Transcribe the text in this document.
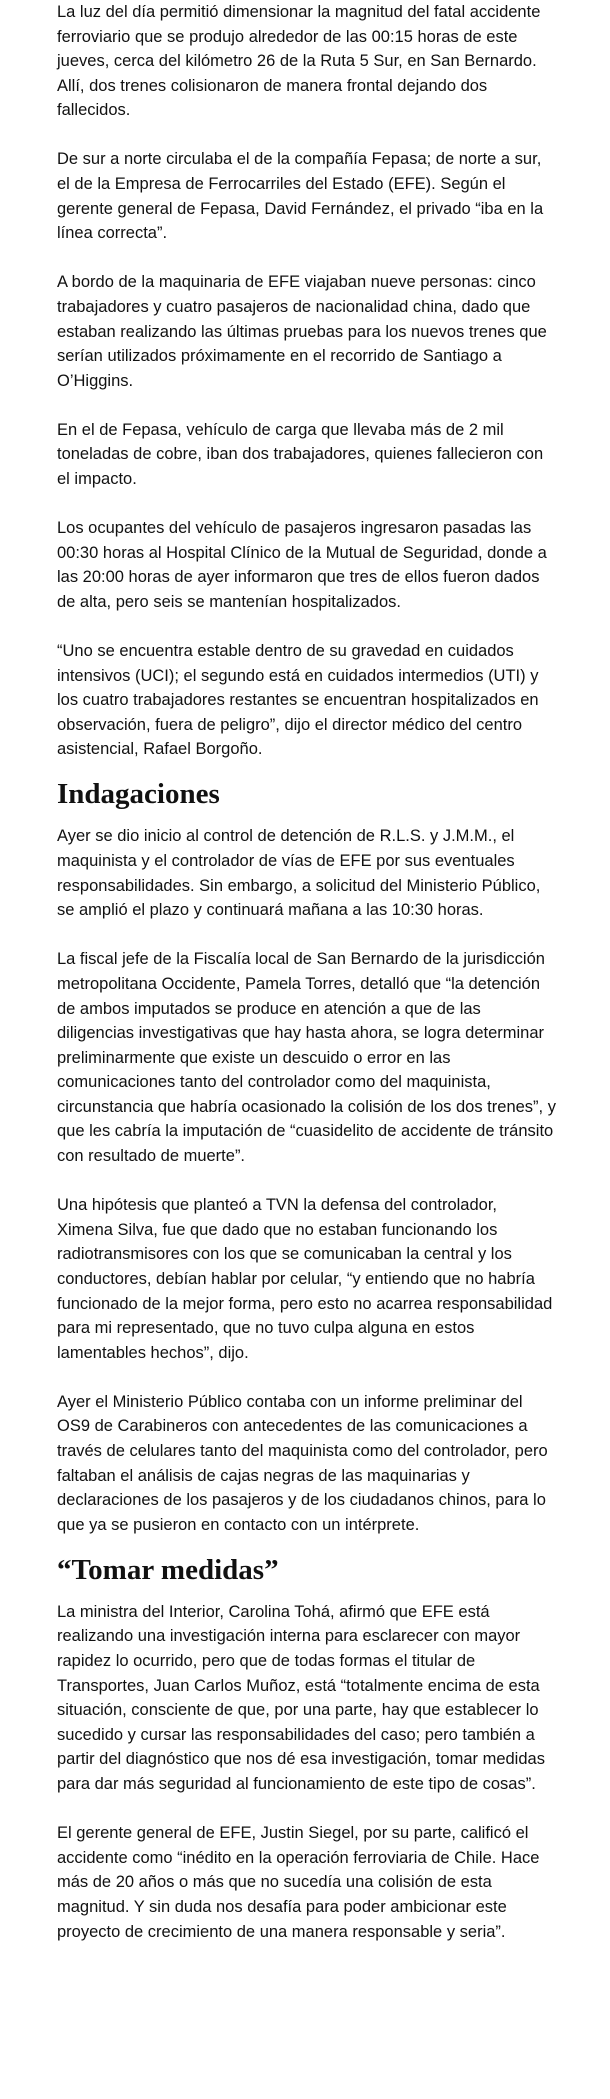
La luz del día permitió dimensionar la magnitud del fatal accidente ferroviario que se produjo alrededor de las 00:15 horas de este jueves, cerca del kilómetro 26 de la Ruta 5 Sur, en San Bernardo. Allí, dos trenes colisionaron de manera frontal dejando dos fallecidos.

De sur a norte circulaba el de la compañía Fepasa; de norte a sur, el de la Empresa de Ferrocarriles del Estado (EFE). Según el gerente general de Fepasa, David Fernández, el privado “iba en la línea correcta”.

A bordo de la maquinaria de EFE viajaban nueve personas: cinco trabajadores y cuatro pasajeros de nacionalidad china, dado que estaban realizando las últimas pruebas para los nuevos trenes que serían utilizados próximamente en el recorrido de Santiago a O’Higgins.

En el de Fepasa, vehículo de carga que llevaba más de 2 mil toneladas de cobre, iban dos trabajadores, quienes fallecieron con el impacto.

Los ocupantes del vehículo de pasajeros ingresaron pasadas las 00:30 horas al Hospital Clínico de la Mutual de Seguridad, donde a las 20:00 horas de ayer informaron que tres de ellos fueron dados de alta, pero seis se mantenían hospitalizados.

“Uno se encuentra estable dentro de su gravedad en cuidados intensivos (UCI); el segundo está en cuidados intermedios (UTI) y los cuatro trabajadores restantes se encuentran hospitalizados en observación, fuera de peligro”, dijo el director médico del centro asistencial, Rafael Borgoño.

Indagaciones

Ayer se dio inicio al control de detención de R.L.S. y J.M.M., el maquinista y el controlador de vías de EFE por sus eventuales responsabilidades. Sin embargo, a solicitud del Ministerio Público, se amplió el plazo y continuará mañana a las 10:30 horas.

La fiscal jefe de la Fiscalía local de San Bernardo de la jurisdicción metropolitana Occidente, Pamela Torres, detalló que “la detención de ambos imputados se produce en atención a que de las diligencias investigativas que hay hasta ahora, se logra determinar preliminarmente que existe un descuido o error en las comunicaciones tanto del controlador como del maquinista, circunstancia que habría ocasionado la colisión de los dos trenes”, y que les cabría la imputación de “cuasidelito de accidente de tránsito con resultado de muerte”.

Una hipótesis que planteó a TVN la defensa del controlador, Ximena Silva, fue que dado que no estaban funcionando los radiotransmisores con los que se comunicaban la central y los conductores, debían hablar por celular, “y entiendo que no habría funcionado de la mejor forma, pero esto no acarrea responsabilidad para mi representado, que no tuvo culpa alguna en estos lamentables hechos”, dijo.

Ayer el Ministerio Público contaba con un informe preliminar del OS9 de Carabineros con antecedentes de las comunicaciones a través de celulares tanto del maquinista como del controlador, pero faltaban el análisis de cajas negras de las maquinarias y declaraciones de los pasajeros y de los ciudadanos chinos, para lo que ya se pusieron en contacto con un intérprete.

“Tomar medidas”

La ministra del Interior, Carolina Tohá, afirmó que EFE está realizando una investigación interna para esclarecer con mayor rapidez lo ocurrido, pero que de todas formas el titular de Transportes, Juan Carlos Muñoz, está “totalmente encima de esta situación, consciente de que, por una parte, hay que establecer lo sucedido y cursar las responsabilidades del caso; pero también a partir del diagnóstico que nos dé esa investigación, tomar medidas para dar más seguridad al funcionamiento de este tipo de cosas”.

El gerente general de EFE, Justin Siegel, por su parte, calificó el accidente como “inédito en la operación ferroviaria de Chile. Hace más de 20 años o más que no sucedía una colisión de esta magnitud. Y sin duda nos desafía para poder ambicionar este proyecto de crecimiento de una manera responsable y seria”.
